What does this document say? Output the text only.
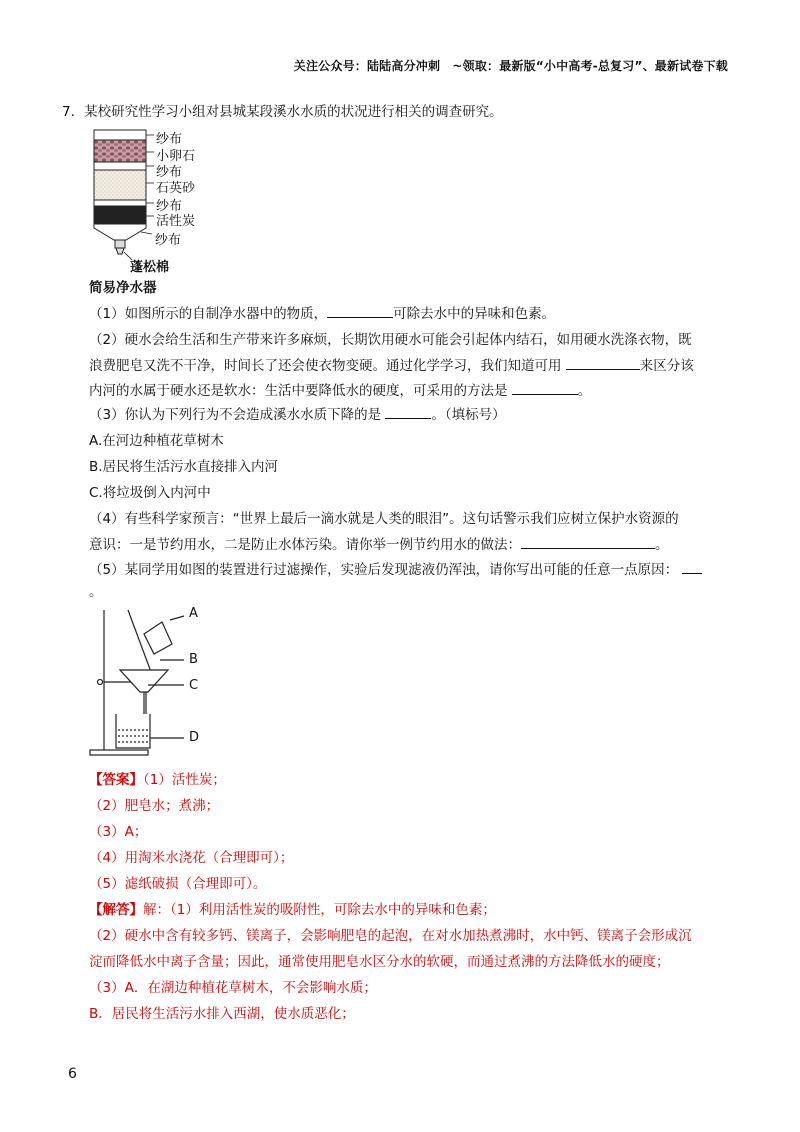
关注公众号：陆陆高分冲刺　~领取：最新版“小中高考-总复习”、最新试卷下载
7．某校研究性学习小组对县城某段溪水水质的状况进行相关的调查研究。
纱布
小卵石
纱布
石英砂
纱布
活性炭
纱布
蓬松棉
简易净水器
（1）如图所示的自制净水器中的物质，	可除去水中的异味和色素。
（2）硬水会给生活和生产带来许多麻烦，长期饮用硬水可能会引起体内结石，如用硬水洗涤衣物，既
浪费肥皂又洗不干净，时间长了还会使衣物变硬。通过化学学习，我们知道可用	来区分该
内河的水属于硬水还是软水：生活中要降低水的硬度，可采用的方法是	。
（3）你认为下列行为不会造成溪水水质下降的是	。（填标号）
A.在河边种植花草树木
B.居民将生活污水直接排入内河
C.将垃圾倒入内河中
（4）有些科学家预言：“世界上最后一滴水就是人类的眼泪”。这句话警示我们应树立保护水资源的
意识：一是节约用水，二是防止水体污染。请你举一例节约用水的做法：	。
（5）某同学用如图的装置进行过滤操作，实验后发现滤液仍浑浊，请你写出可能的任意一点原因：
。
A
B
C
D
【答案】（1）活性炭；
（2）肥皂水；煮沸；
（3）A；
（4）用淘米水浇花（合理即可）；
（5）滤纸破损（合理即可）。
【解答】解：（1）利用活性炭的吸附性，可除去水中的异味和色素；
（2）硬水中含有较多钙、镁离子，会影响肥皂的起泡，在对水加热煮沸时，水中钙、镁离子会形成沉
淀而降低水中离子含量；因此，通常使用肥皂水区分水的软硬，而通过煮沸的方法降低水的硬度；
（3）A．在湖边种植花草树木，不会影响水质；
B．居民将生活污水排入西湖，使水质恶化；
6
